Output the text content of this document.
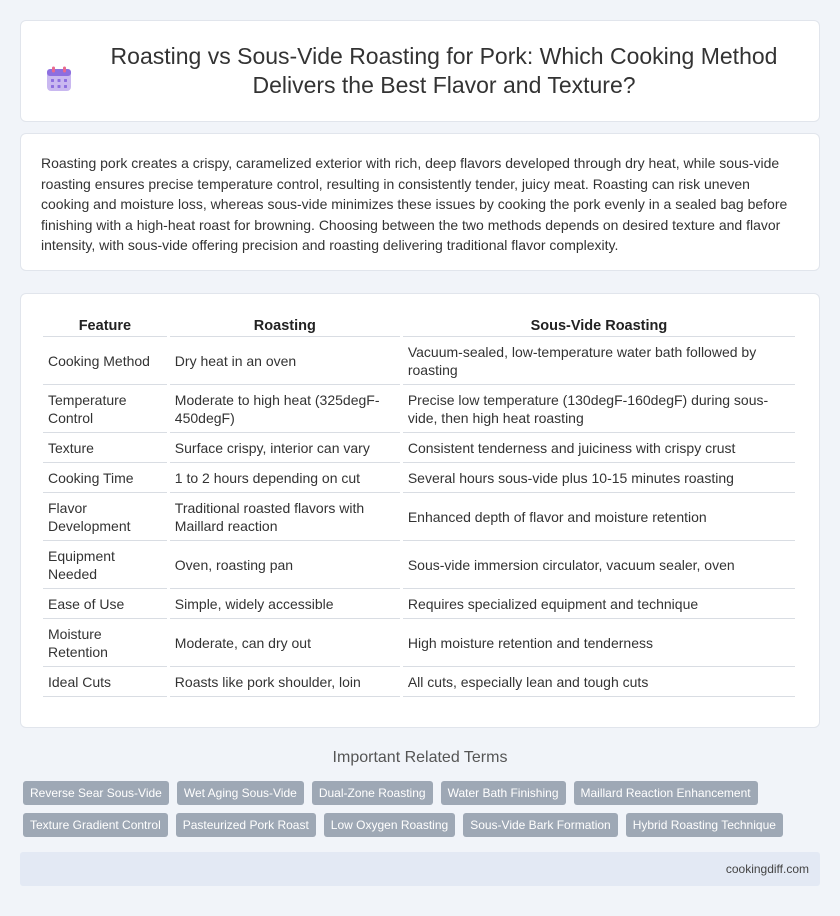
Roasting vs Sous-Vide Roasting for Pork: Which Cooking Method Delivers the Best Flavor and Texture?

Roasting pork creates a crispy, caramelized exterior with rich, deep flavors developed through dry heat, while sous-vide roasting ensures precise temperature control, resulting in consistently tender, juicy meat. Roasting can risk uneven cooking and moisture loss, whereas sous-vide minimizes these issues by cooking the pork evenly in a sealed bag before finishing with a high-heat roast for browning. Choosing between the two methods depends on desired texture and flavor intensity, with sous-vide offering precision and roasting delivering traditional flavor complexity.

Feature	Roasting	Sous-Vide Roasting
Cooking Method	Dry heat in an oven	Vacuum-sealed, low-temperature water bath followed by roasting
Temperature Control	Moderate to high heat (325degF-450degF)	Precise low temperature (130degF-160degF) during sous-vide, then high heat roasting
Texture	Surface crispy, interior can vary	Consistent tenderness and juiciness with crispy crust
Cooking Time	1 to 2 hours depending on cut	Several hours sous-vide plus 10-15 minutes roasting
Flavor Development	Traditional roasted flavors with Maillard reaction	Enhanced depth of flavor and moisture retention
Equipment Needed	Oven, roasting pan	Sous-vide immersion circulator, vacuum sealer, oven
Ease of Use	Simple, widely accessible	Requires specialized equipment and technique
Moisture Retention	Moderate, can dry out	High moisture retention and tenderness
Ideal Cuts	Roasts like pork shoulder, loin	All cuts, especially lean and tough cuts
Important Related Terms
Reverse Sear Sous-Vide	Wet Aging Sous-Vide	Dual-Zone Roasting	Water Bath Finishing	Maillard Reaction Enhancement
Texture Gradient Control	Pasteurized Pork Roast	Low Oxygen Roasting	Sous-Vide Bark Formation	Hybrid Roasting Technique
cookingdiff.com
